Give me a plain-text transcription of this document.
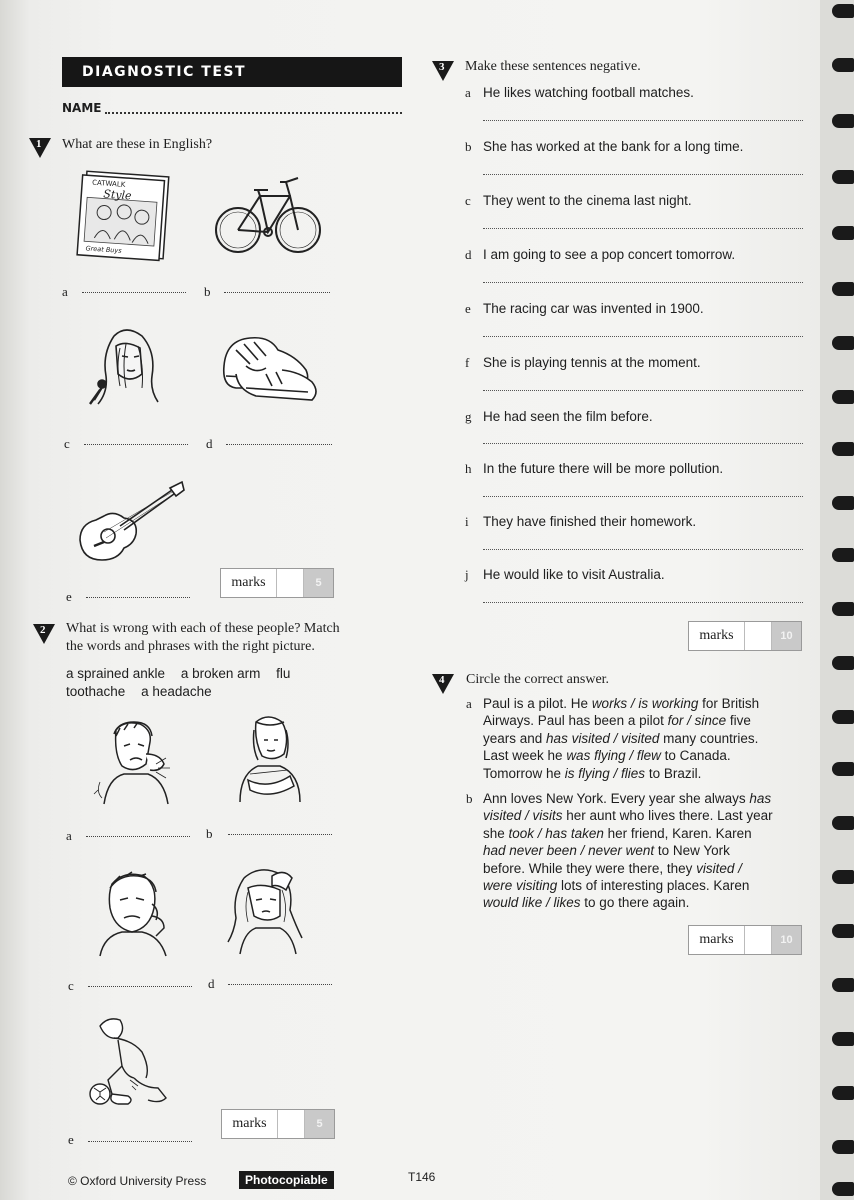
DIAGNOSTIC TEST
NAME
1 What are these in English?
CATWALK
Style
Great Buys
a	b
c	d
marks	5
e
2 What is wrong with each of these people? Match
the words and phrases with the right picture.
a sprained ankle a broken arm flu
toothache a headache
a	b
c	d
marks	5
e
3 Make these sentences negative.
a He likes watching football matches.
b She has worked at the bank for a long time.
c They went to the cinema last night.
d I am going to see a pop concert tomorrow.
e The racing car was invented in 1900.
f She is playing tennis at the moment.
g He had seen the film before.
h In the future there will be more pollution.
i They have finished their homework.
j He would like to visit Australia.
marks	10
4 Circle the correct answer.
a Paul is a pilot. He works / is working for British
Airways. Paul has been a pilot for / since five
years and has visited / visited many countries.
Last week he was flying / flew to Canada.
Tomorrow he is flying / flies to Brazil.
b Ann loves New York. Every year she always has
visited / visits her aunt who lives there. Last year
she took / has taken her friend, Karen. Karen
had never been / never went to New York
before. While they were there, they visited /
were visiting lots of interesting places. Karen
would like / likes to go there again.
marks	10
© Oxford University Press	Photocopiable	T146
